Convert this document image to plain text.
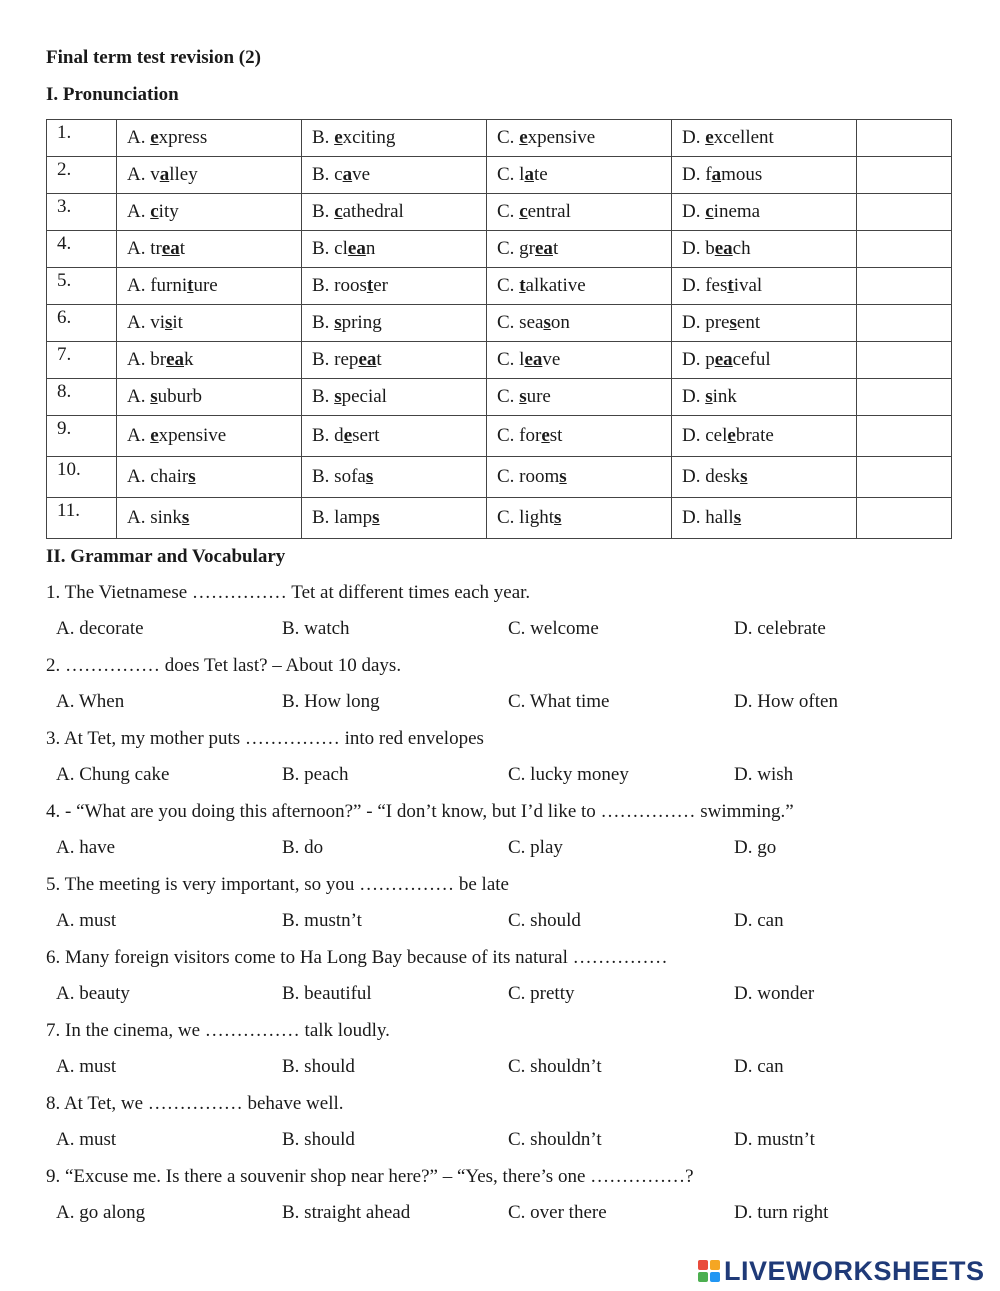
Final term test revision (2)
I. Pronunciation
1.	A. express	B. exciting	C. expensive	D. excellent	
2.	A. valley	B. cave	C. late	D. famous	
3.	A. city	B. cathedral	C. central	D. cinema	
4.	A. treat	B. clean	C. great	D. beach	
5.	A. furniture	B. rooster	C. talkative	D. festival	
6.	A. visit	B. spring	C. season	D. present	
7.	A. break	B. repeat	C. leave	D. peaceful	
8.	A. suburb	B. special	C. sure	D. sink	
9.	A. expensive	B. desert	C. forest	D. celebrate	
10.	A. chairs	B. sofas	C. rooms	D. desks	
11.	A. sinks	B. lamps	C. lights	D. halls	
II. Grammar and Vocabulary
1. The Vietnamese …………… Tet at different times each year.
A. decorate	B. watch	C. welcome	D. celebrate
2. …………… does Tet last? – About 10 days.
A. When	B. How long	C. What time	D. How often
3. At Tet, my mother puts …………… into red envelopes
A. Chung cake	B. peach	C. lucky money	D. wish
4. - “What are you doing this afternoon?” - “I don’t know, but I’d like to …………… swimming.”
A. have	B. do	C. play	D. go
5. The meeting is very important, so you …………… be late
A. must	B. mustn’t	C. should	D. can
6. Many foreign visitors come to Ha Long Bay because of its natural ……………
A. beauty	B. beautiful	C. pretty	D. wonder
7. In the cinema, we …………… talk loudly.
A. must	B. should	C. shouldn’t	D. can
8. At Tet, we …………… behave well.
A. must	B. should	C. shouldn’t	D. mustn’t
9. “Excuse me. Is there a souvenir shop near here?” – “Yes, there’s one ……………?
A. go along	B. straight ahead	C. over there	D. turn right
LIVEWORKSHEETS
